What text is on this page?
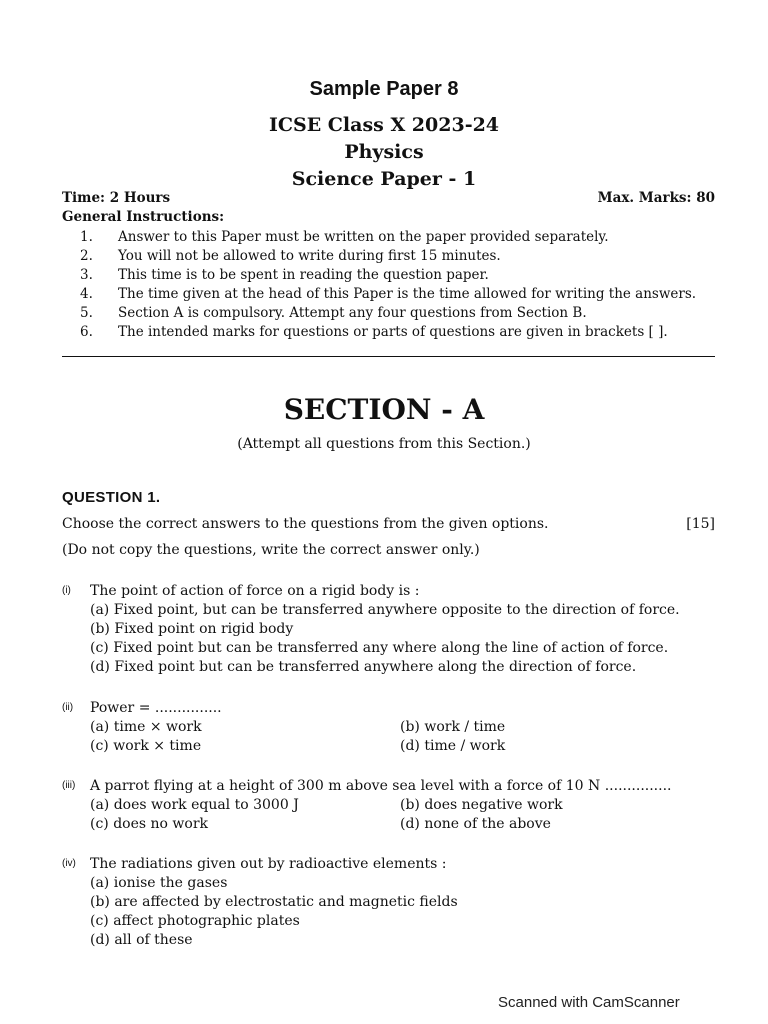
Sample Paper 8
ICSE Class X 2023-24
Physics
Science Paper - 1
Time: 2 Hours	Max. Marks: 80
General Instructions:
1. Answer to this Paper must be written on the paper provided separately.
2. You will not be allowed to write during first 15 minutes.
3. This time is to be spent in reading the question paper.
4. The time given at the head of this Paper is the time allowed for writing the answers.
5. Section A is compulsory. Attempt any four questions from Section B.
6. The intended marks for questions or parts of questions are given in brackets [ ].
SECTION - A
(Attempt all questions from this Section.)
QUESTION 1.
Choose the correct answers to the questions from the given options.	[15]
(Do not copy the questions, write the correct answer only.)
(i) The point of action of force on a rigid body is :
(a) Fixed point, but can be transferred anywhere opposite to the direction of force.
(b) Fixed point on rigid body
(c) Fixed point but can be transferred any where along the line of action of force.
(d) Fixed point but can be transferred anywhere along the direction of force.
(ii) Power = ...............
(a) time × work	(b) work / time
(c) work × time	(d) time / work
(iii) A parrot flying at a height of 300 m above sea level with a force of 10 N ...............
(a) does work equal to 3000 J	(b) does negative work
(c) does no work	(d) none of the above
(iv) The radiations given out by radioactive elements :
(a) ionise the gases
(b) are affected by electrostatic and magnetic fields
(c) affect photographic plates
(d) all of these
Scanned with CamScanner
